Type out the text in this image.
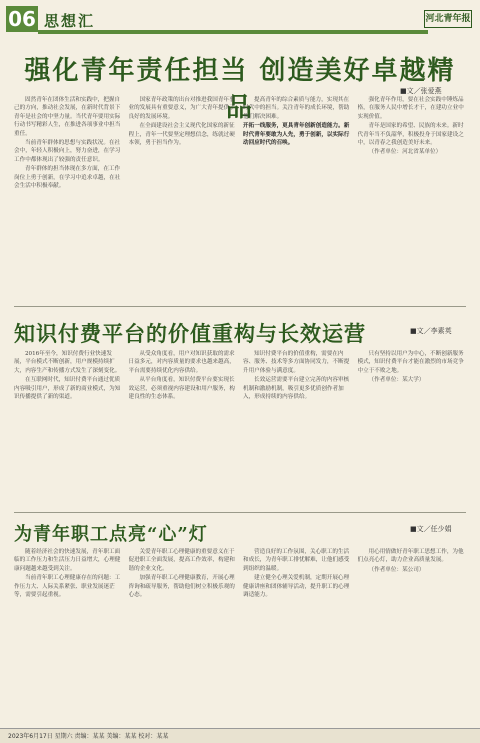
06 思想汇	河北青年报
强化青年责任担当 创造美好卓越精品
■文／张爱燕

固然青年在团体生活和实践中，把握自己的方向，推动社会发展，在新时代背景下青年是社会的中坚力量。当代青年要用实际行动书写精彩人生，在推进各项事业中担当重任。

当前青年群体的思想与实践状况。在社会中，年轻人积极向上，努力奋进，在学习工作中都体现出了较强的责任意识。

青年群体的担当体现在多方面，在工作岗位上勇于创新，在学习中追求卓越，在社会生活中积极奉献。

国家青年政策的出台对推进我国青年事业的发展具有重要意义，为广大青年提供了良好的发展环境。

在全面建设社会主义现代化国家的新征程上，青年一代要坚定理想信念，练就过硬本领，勇于担当作为。

提高青年的综合素质与能力，实现其在时代中的担当。关注青年的成长环境，帮助他们解决困难。

开拓一线服务，更具青年创新创造能力。新时代青年要敢为人先，勇于创新，以实际行动回应时代的召唤。

强化青年作用，要在社会实践中锤炼品格，在服务人民中增长才干，在建功立业中实现价值。

青年是国家的希望、民族的未来。新时代青年当不负韶华，积极投身于国家建设之中，以青春之我创造美好未来。

（作者单位：河北省某单位）

知识付费平台的价值重构与长效运营	■文／李素英

2016年至今，知识付费行业快速发展，平台模式不断创新，用户规模持续扩大，内容生产和传播方式发生了深刻变化。

在互联网时代，知识付费平台通过优质内容吸引用户，形成了新的商业模式，为知识传播提供了新的渠道。

从受众角度看，用户对知识获取的需求日益多元，对内容质量的要求也越来越高，平台需要持续优化内容供给。

从平台角度看，知识付费平台要实现长效运营，必须重视内容建设和用户服务，构建良性的生态体系。

知识付费平台的价值重构，需要在内容、服务、技术等多方面协同发力，不断提升用户体验与满意度。

长效运营需要平台建立完善的内容审核机制和激励机制，吸引更多优质创作者加入，形成持续的内容供给。

只有坚持以用户为中心，不断创新服务模式，知识付费平台才能在激烈的市场竞争中立于不败之地。

（作者单位：某大学）

为青年职工点亮“心”灯	■文／任少娟

随着经济社会的快速发展，青年职工面临的工作压力和生活压力日益增大，心理健康问题越来越受到关注。

当前青年职工心理健康存在的问题：工作压力大、人际关系紧张、职业发展迷茫等，需要引起重视。

关爱青年职工心理健康的重要意义在于促进职工全面发展，提高工作效率，构建和谐的企业文化。

加强青年职工心理健康教育，开展心理咨询和疏导服务，帮助他们树立积极乐观的心态。

营造良好的工作氛围，关心职工的生活和成长，为青年职工排忧解难，让他们感受到组织的温暖。

建立健全心理关爱机制，定期开展心理健康讲座和团体辅导活动，提升职工的心理调适能力。

用心用情做好青年职工思想工作，为他们点亮心灯，助力企业高质量发展。

（作者单位：某公司）

2023年6月17日 星期六 责编：某某 美编：某某 校对：某某
